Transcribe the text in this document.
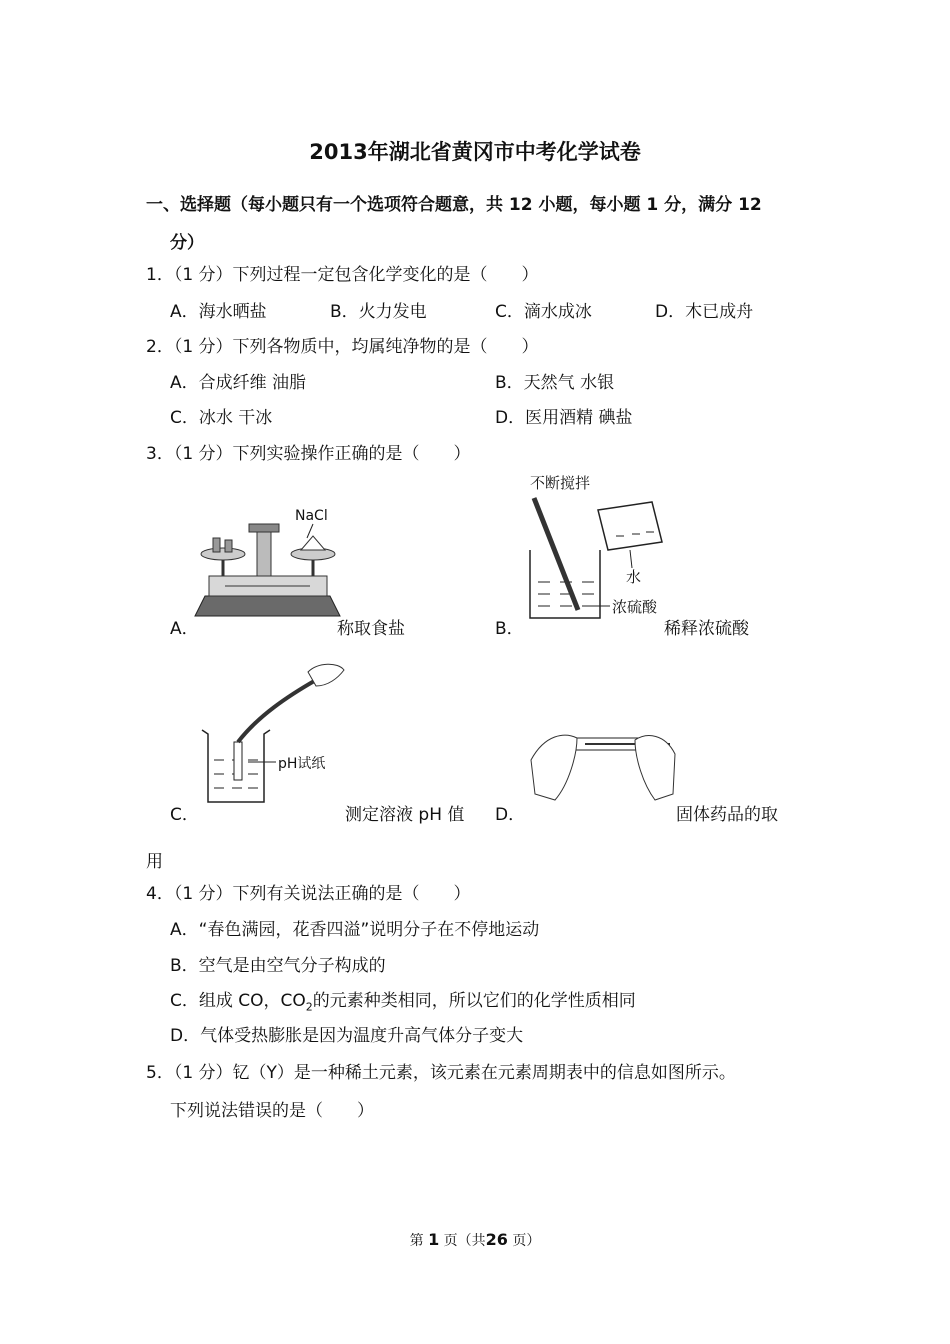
2013年湖北省黄冈市中考化学试卷
一、选择题（每小题只有一个选项符合题意，共 12 小题，每小题 1 分，满分 12
分）
1．（1 分）下列过程一定包含化学变化的是（　　）
A．海水晒盐	B．火力发电	C．滴水成冰	D．木已成舟
2．（1 分）下列各物质中，均属纯净物的是（　　）
A．合成纤维 油脂	B．天然气 水银
C．冰水 干冰	D．医用酒精 碘盐
3．（1 分）下列实验操作正确的是（　　）
NaCl
A．	称取食盐
不断搅拌
水
浓硫酸
B．	稀释浓硫酸
pH试纸
C．	测定溶液 pH 值 D．	固体药品的取
用
4．（1 分）下列有关说法正确的是（　　）
A．“春色满园，花香四溢”说明分子在不停地运动
B．空气是由空气分子构成的
C．组成 CO，$CO_2$的元素种类相同，所以它们的化学性质相同
D．气体受热膨胀是因为温度升高气体分子变大
5．（1 分）钇（Y）是一种稀土元素，该元素在元素周期表中的信息如图所示。
下列说法错误的是（　　）
第 1 页（共26 页）
